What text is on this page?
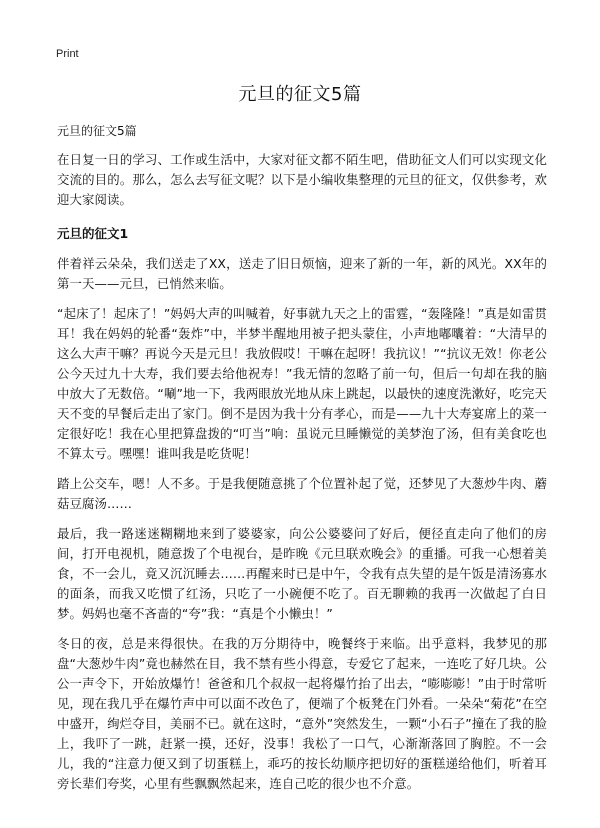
Print
元旦的征文5篇

元旦的征文5篇

在日复一日的学习、工作或生活中，大家对征文都不陌生吧，借助征文人们可以实现文化交流的目的。那么，怎么去写征文呢？以下是小编收集整理的元旦的征文，仅供参考，欢迎大家阅读。

元旦的征文1

伴着祥云朵朵，我们送走了XX，送走了旧日烦恼，迎来了新的一年，新的风光。XX年的第一天——元旦，已悄然来临。

“起床了！起床了！”妈妈大声的叫喊着，好事就九天之上的雷霆，“轰隆隆！”真是如雷贯耳！我在妈妈的轮番“轰炸”中，半梦半醒地用被子把头蒙住，小声地嘟囔着：“大清早的这么大声干嘛？再说今天是元旦！我放假哎！干嘛在起呀！我抗议！”“抗议无效！你老公公今天过九十大寿，我们要去给他祝寿！”我无情的忽略了前一句，但后一句却在我的脑中放大了无数倍。“唰”地一下，我两眼放光地从床上跳起，以最快的速度洗漱好，吃完天天不变的早餐后走出了家门。倒不是因为我十分有孝心，而是——九十大寿宴席上的菜一定很好吃！我在心里把算盘拨的“叮当”响：虽说元旦睡懒觉的美梦泡了汤，但有美食吃也不算太亏。嘿嘿！谁叫我是吃货呢！

踏上公交车，嗯！人不多。于是我便随意挑了个位置补起了觉，还梦见了大葱炒牛肉、蘑菇豆腐汤……

最后，我一路迷迷糊糊地来到了婆婆家，向公公婆婆问了好后，便径直走向了他们的房间，打开电视机，随意拨了个电视台，是昨晚《元旦联欢晚会》的重播。可我一心想着美食，不一会儿，竟又沉沉睡去……再醒来时已是中午，令我有点失望的是午饭是清汤寡水的面条，而我又吃惯了红汤，只吃了一小碗便不吃了。百无聊赖的我再一次做起了白日梦。妈妈也毫不吝啬的“夸”我：“真是个小懒虫！”

冬日的夜，总是来得很快。在我的万分期待中，晚餐终于来临。出乎意料，我梦见的那盘“大葱炒牛肉”竟也赫然在目，我不禁有些小得意，专爱它了起来，一连吃了好几块。公公一声令下，开始放爆竹！爸爸和几个叔叔一起将爆竹抬了出去，“嘭嘭嘭！”由于时常听见，现在我几乎在爆竹声中可以面不改色了，便端了个板凳在门外看。一朵朵“菊花”在空中盛开，绚烂夺目，美丽不已。就在这时，“意外”突然发生，一颗“小石子”撞在了我的脸上，我吓了一跳，赶紧一摸，还好，没事！我松了一口气，心渐渐落回了胸腔。不一会儿，我的“注意力便又到了切蛋糕上，乖巧的按长幼顺序把切好的蛋糕递给他们，听着耳旁长辈们夸奖，心里有些飘飘然起来，连自己吃的很少也不介意。
